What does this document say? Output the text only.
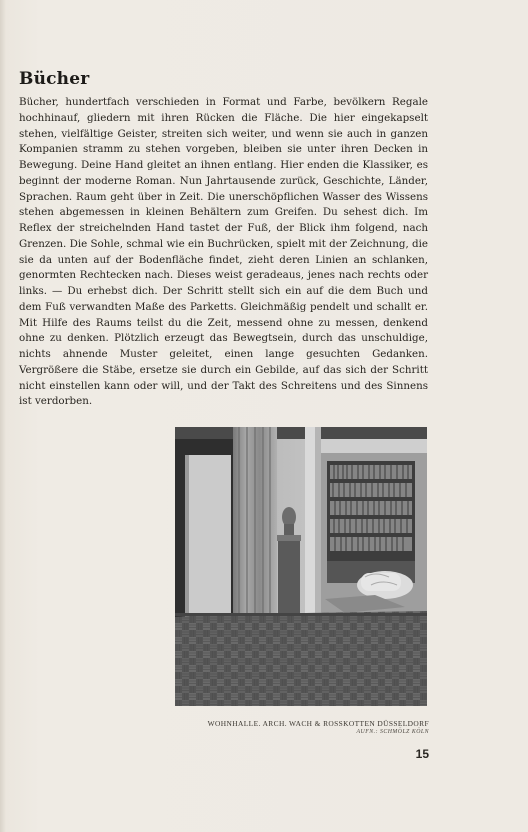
Bücher

Bücher, hundertfach verschieden in Format und Farbe, bevölkern Regale hochhinauf, gliedern mit ihren Rücken die Fläche. Die hier eingekapselt stehen, vielfältige Geister, streiten sich weiter, und wenn sie auch in ganzen Kompanien stramm zu stehen vorgeben, bleiben sie unter ihren Decken in Bewegung. Deine Hand gleitet an ihnen entlang. Hier enden die Klassiker, es beginnt der moderne Roman. Nun Jahrtausende zurück, Geschichte, Länder, Sprachen. Raum geht über in Zeit. Die unerschöpflichen Wasser des Wissens stehen abgemessen in kleinen Behältern zum Greifen. Du sehest dich. Im Reflex der streichelnden Hand tastet der Fuß, der Blick ihm folgend, nach Grenzen. Die Sohle, schmal wie ein Buchrücken, spielt mit der Zeichnung, die sie da unten auf der Bodenfläche findet, zieht deren Linien an schlanken, genormten Rechtecken nach. Dieses weist geradeaus, jenes nach rechts oder links. — Du erhebst dich. Der Schritt stellt sich ein auf die dem Buch und dem Fuß verwandten Maße des Parketts. Gleichmäßig pendelt und schallt er. Mit Hilfe des Raums teilst du die Zeit, messend ohne zu messen, denkend ohne zu denken. Plötzlich erzeugt das Bewegtsein, durch das unschuldige, nichts ahnende Muster geleitet, einen lange gesuchten Gedanken. Vergrößere die Stäbe, ersetze sie durch ein Gebilde, auf das sich der Schritt nicht einstellen kann oder will, und der Takt des Schreitens und des Sinnens ist verdorben.

WOHNHALLE. ARCH. WACH & ROSSKOTTEN DÜSSELDORF
AUFN.: SCHMÖLZ KÖLN
15
